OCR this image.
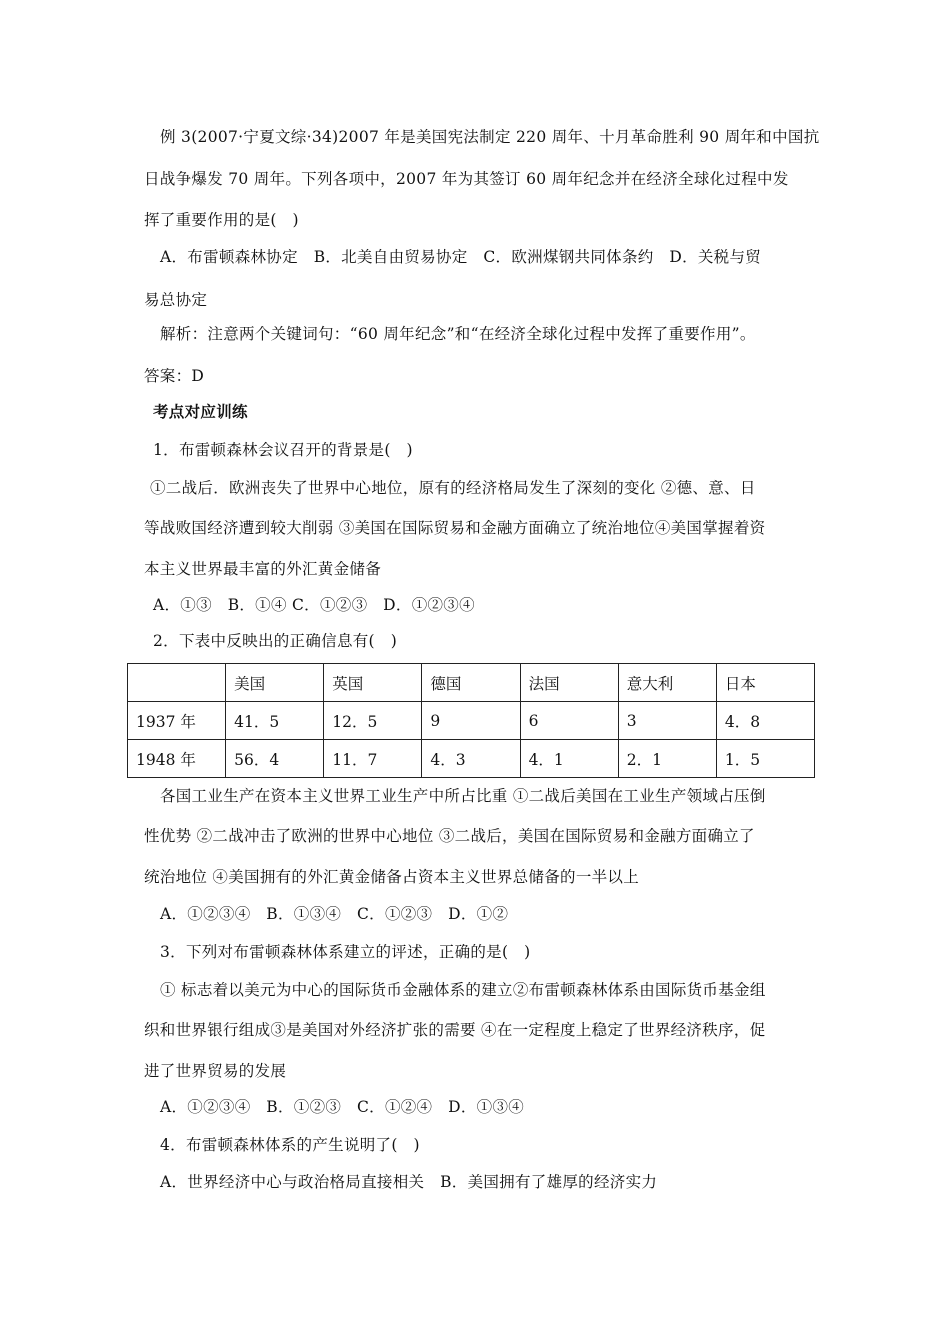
例 3(2007·宁夏文综·34)2007 年是美国宪法制定 220 周年、十月革命胜利 90 周年和中国抗
日战争爆发 70 周年。下列各项中，2007 年为其签订 60 周年纪念并在经济全球化过程中发
挥了重要作用的是(　)
A．布雷顿森林协定　B．北美自由贸易协定　C．欧洲煤钢共同体条约　D．关税与贸
易总协定
解析：注意两个关键词句：“60 周年纪念”和“在经济全球化过程中发挥了重要作用”。
答案：D
考点对应训练
1．布雷顿森林会议召开的背景是(　)
①二战后．欧洲丧失了世界中心地位，原有的经济格局发生了深刻的变化 ②德、意、日
等战败国经济遭到较大削弱 ③美国在国际贸易和金融方面确立了统治地位④美国掌握着资
本主义世界最丰富的外汇黄金储备
A．①③　B．①④ C．①②③　D．①②③④
2．下表中反映出的正确信息有(　)
	美国	英国	德国	法国	意大利	日本
1937 年	41．5	12．5	9	6	3	4．8
1948 年	56．4	11．7	4．3	4．1	2．1	1．5
各国工业生产在资本主义世界工业生产中所占比重 ①二战后美国在工业生产领域占压倒
性优势 ②二战冲击了欧洲的世界中心地位 ③二战后，美国在国际贸易和金融方面确立了
统治地位 ④美国拥有的外汇黄金储备占资本主义世界总储备的一半以上
A．①②③④　B．①③④　C．①②③　D．①②
3．下列对布雷顿森林体系建立的评述，正确的是(　)
① 标志着以美元为中心的国际货币金融体系的建立②布雷顿森林体系由国际货币基金组
织和世界银行组成③是美国对外经济扩张的需要 ④在一定程度上稳定了世界经济秩序，促
进了世界贸易的发展
A．①②③④　B．①②③　C．①②④　D．①③④
4．布雷顿森林体系的产生说明了(　)
A．世界经济中心与政治格局直接相关　B．美国拥有了雄厚的经济实力
